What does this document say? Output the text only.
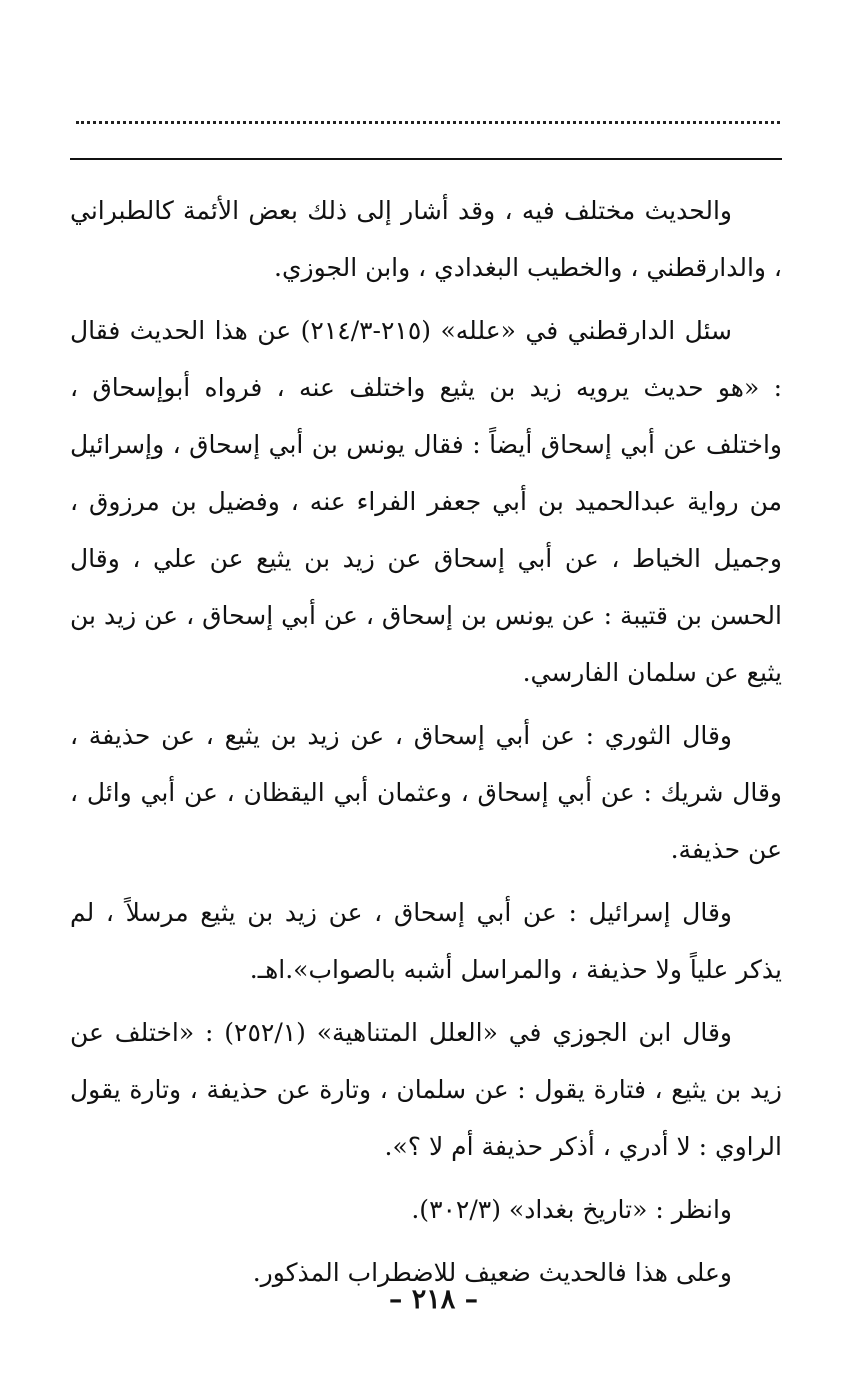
والحديث مختلف فيه ، وقد أشار إلى ذلك بعض الأئمة كالطبراني ، والدارقطني ، والخطيب البغدادي ، وابن الجوزي.

سئل الدارقطني في «علله» (٢١٥-٢١٤/٣) عن هذا الحديث فقال : «هو حديث يرويه زيد بن يثيع واختلف عنه ، فرواه أبوإسحاق ، واختلف عن أبي إسحاق أيضاً : فقال يونس بن أبي إسحاق ، وإسرائيل من رواية عبدالحميد بن أبي جعفر الفراء عنه ، وفضيل بن مرزوق ، وجميل الخياط ، عن أبي إسحاق عن زيد بن يثيع عن علي ، وقال الحسن بن قتيبة : عن يونس بن إسحاق ، عن أبي إسحاق ، عن زيد بن يثيع عن سلمان الفارسي.

وقال الثوري : عن أبي إسحاق ، عن زيد بن يثيع ، عن حذيفة ، وقال شريك : عن أبي إسحاق ، وعثمان أبي اليقظان ، عن أبي وائل ، عن حذيفة.

وقال إسرائيل : عن أبي إسحاق ، عن زيد بن يثيع مرسلاً ، لم يذكر علياً ولا حذيفة ، والمراسل أشبه بالصواب».اهـ.

وقال ابن الجوزي في «العلل المتناهية» (٢٥٢/١) : «اختلف عن زيد بن يثيع ، فتارة يقول : عن سلمان ، وتارة عن حذيفة ، وتارة يقول الراوي : لا أدري ، أذكر حذيفة أم لا ؟».

وانظر : «تاريخ بغداد» (٣٠٢/٣).

وعلى هذا فالحديث ضعيف للاضطراب المذكور.

– ٢١٨ –
